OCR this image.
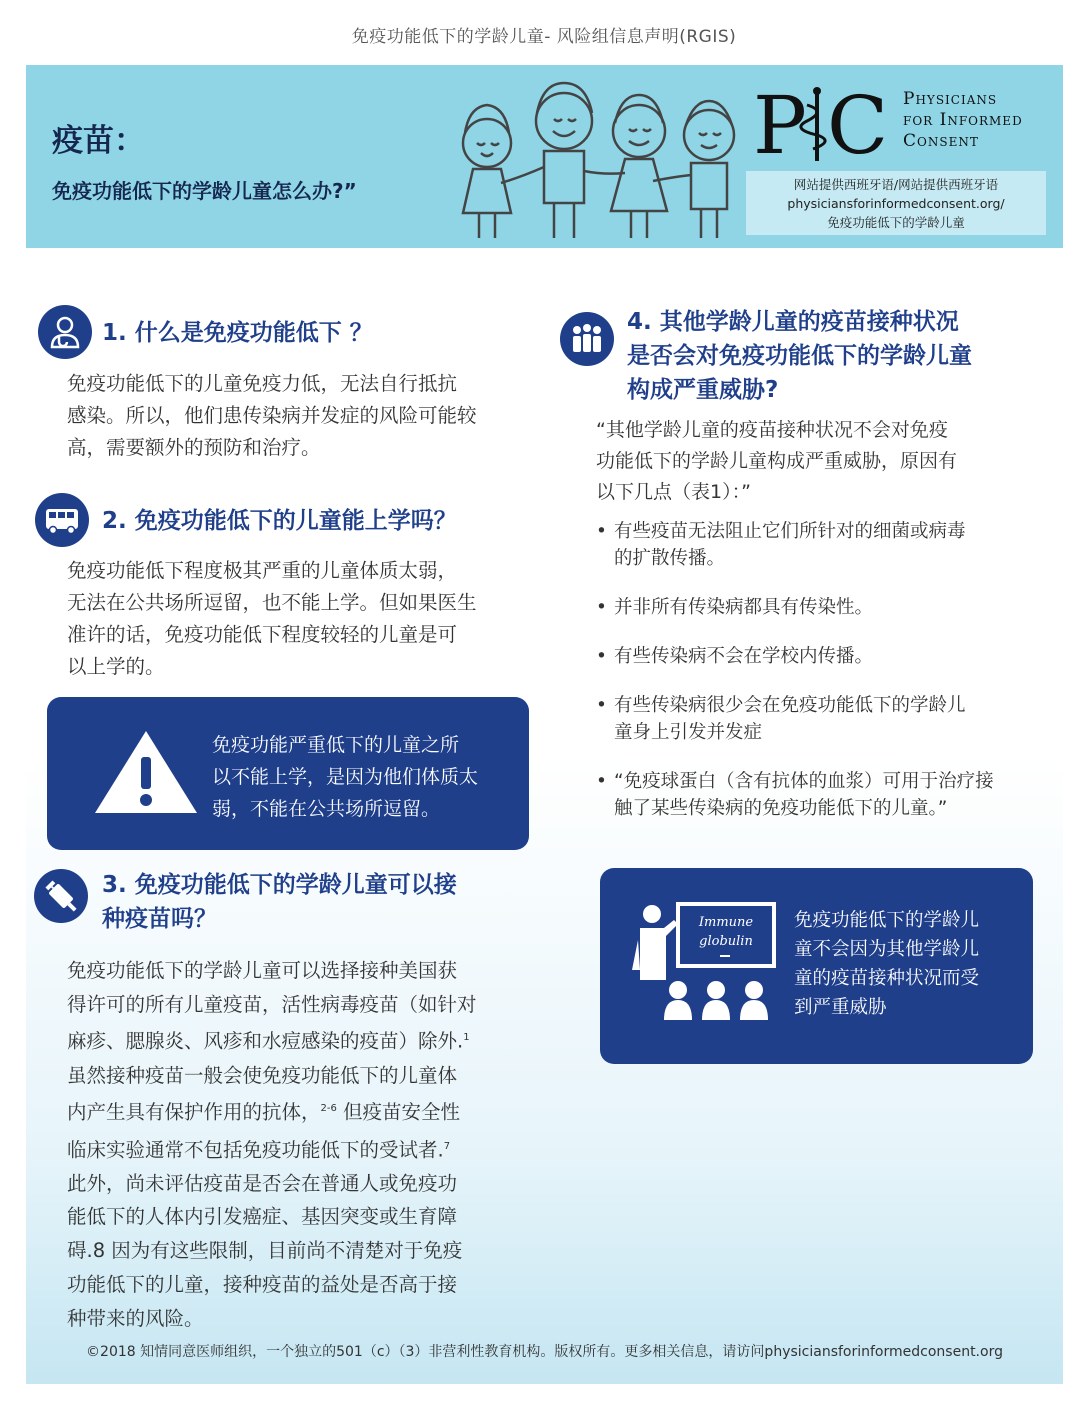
免疫功能低下的学龄儿童- 风险组信息声明(RGIS)
疫苗：
免疫功能低下的学龄儿童怎么办?”
P C Physicians
for Informed
Consent
网站提供西班牙语/网站提供西班牙语
physiciansforinformedconsent.org/
免疫功能低下的学龄儿童
1. 什么是免疫功能低下 ？
免疫功能低下的儿童免疫力低，无法自行抵抗
感染。所以，他们患传染病并发症的风险可能较
高，需要额外的预防和治疗。
2. 免疫功能低下的儿童能上学吗？
免疫功能低下程度极其严重的儿童体质太弱，
无法在公共场所逗留，也不能上学。但如果医生
准许的话，免疫功能低下程度较轻的儿童是可
以上学的。
免疫功能严重低下的儿童之所
以不能上学，是因为他们体质太
弱，不能在公共场所逗留。
3. 免疫功能低下的学龄儿童可以接
种疫苗吗？
免疫功能低下的学龄儿童可以选择接种美国获
得许可的所有儿童疫苗，活性病毒疫苗（如针对
麻疹、腮腺炎、风疹和水痘感染的疫苗）除外.$^1$
虽然接种疫苗一般会使免疫功能低下的儿童体
内产生具有保护作用的抗体，$^{2-6}$ 但疫苗安全性
临床实验通常不包括免疫功能低下的受试者.$^7$
此外，尚未评估疫苗是否会在普通人或免疫功
能低下的人体内引发癌症、基因突变或生育障
碍.8 因为有这些限制，目前尚不清楚对于免疫
功能低下的儿童，接种疫苗的益处是否高于接
种带来的风险。
4. 其他学龄儿童的疫苗接种状况
是否会对免疫功能低下的学龄儿童
构成严重威胁?
“其他学龄儿童的疫苗接种状况不会对免疫
功能低下的学龄儿童构成严重威胁，原因有
以下几点（表1）：”
• 有些疫苗无法阻止它们所针对的细菌或病毒
的扩散传播。
• 并非所有传染病都具有传染性。
• 有些传染病不会在学校内传播。
• 有些传染病很少会在免疫功能低下的学龄儿
童身上引发并发症
• “免疫球蛋白（含有抗体的血浆）可用于治疗接
触了某些传染病的免疫功能低下的儿童。”
Immune
globulin
免疫功能低下的学龄儿
童不会因为其他学龄儿
童的疫苗接种状况而受
到严重威胁
©2018 知情同意医师组织，一个独立的501（c）（3）非营利性教育机构。版权所有。更多相关信息，请访问physiciansforinformedconsent.org
